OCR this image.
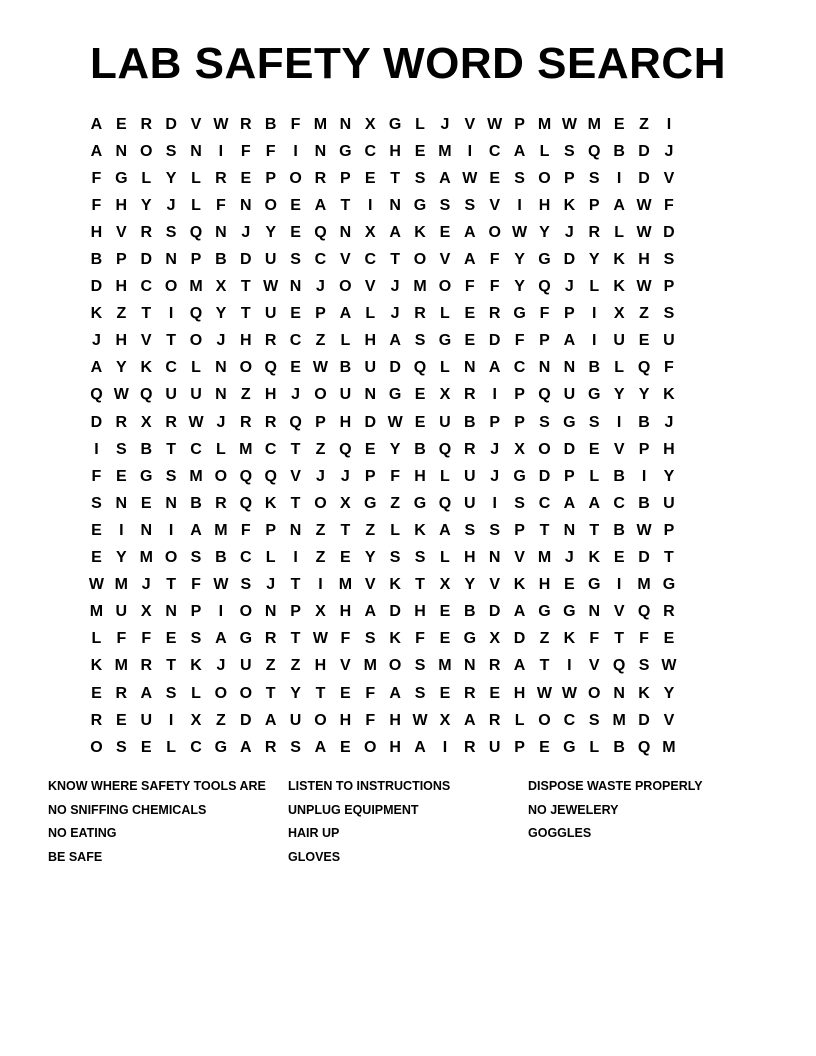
LAB SAFETY WORD SEARCH
A E R D V W R B F M N X G L J V W P M W M E Z	I
A N O S N	I	F F	I	N G C H E M	I	C A L S Q B D J
F G L Y L R E P O R P E T S A W E S O P S	I	D V
F H Y J L F N O E A T	I	N G S S V	I	H K P A W F
H V R S Q N J Y E Q N X A K E A O W Y J R L W D
B P D N P B D U S C V C T O V A F Y G D Y K H S
D H C O M X T W N J O V J M O F F Y Q J L K W P
K Z T	I	Q Y T U E P A L J R L E R G F P	I	X Z S
J H V T O J H R C Z L H A S G E D F P A	I	U E U
A Y K C L N O Q E W B U D Q L N A C N N B L Q F
Q W Q U U N Z H J O U N G E X R	I	P Q U G Y Y K
D R X R W J R R Q P H D W E U B P P S G S	I	B J
I	S B T C L M C T Z Q E Y B Q R J X O D E V P H
F E G S M O Q Q V J J P F H L U J G D P L B	I	Y
S N E N B R Q K T O X G Z G Q U	I	S C A A C B U
E	I	N	I	A M F P N Z T Z L K A S S P T N T B W P
E Y M O S B C L	I	Z E Y S S L H N V M J K E D T
W M J T F W S J T	I	M V K T X Y V K H E G	I	M G
M U X N P	I	O N P X H A D H E B D A G G N V Q R
L F F E S A G R T W F S K F E G X D Z K F T F E
K M R T K J U Z Z H V M O S M N R A T	I	V Q S W
E R A S L O O T Y T E F A S E R E H W W O N K Y
R E U	I	X Z D A U O H F H W X A R L O C S M D V
O S E L C G A R S A E O H A	I	R U P E G L B Q M
KNOW WHERE SAFETY TOOLS ARE	LISTEN TO INSTRUCTIONS	DISPOSE WASTE PROPERLY
NO SNIFFING CHEMICALS	UNPLUG EQUIPMENT	NO JEWELERY
NO EATING	HAIR UP	GOGGLES
BE SAFE	GLOVES
